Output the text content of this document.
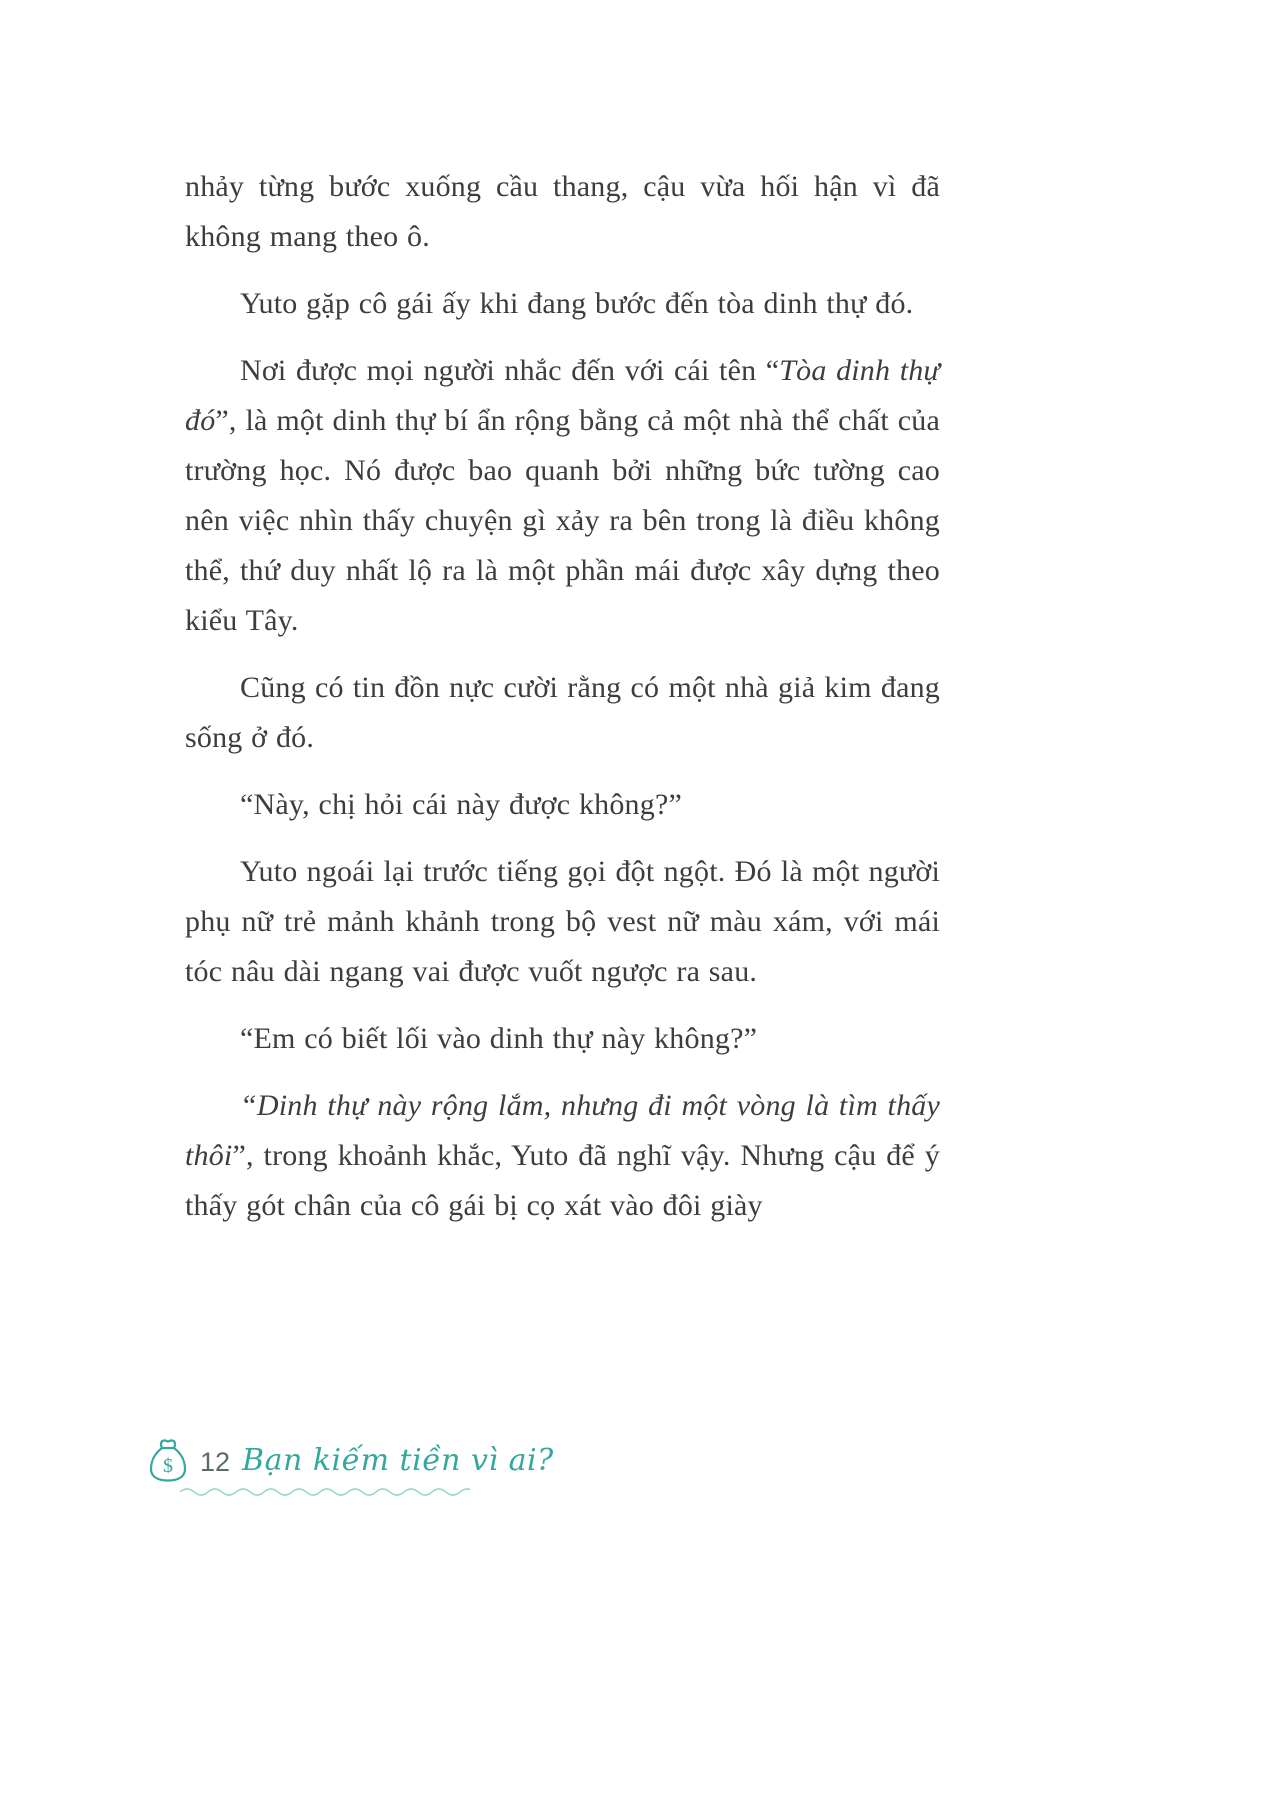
nhảy từng bước xuống cầu thang, cậu vừa hối hận vì đã không mang theo ô.

Yuto gặp cô gái ấy khi đang bước đến tòa dinh thự đó.

Nơi được mọi người nhắc đến với cái tên “Tòa dinh thự đó”, là một dinh thự bí ẩn rộng bằng cả một nhà thể chất của trường học. Nó được bao quanh bởi những bức tường cao nên việc nhìn thấy chuyện gì xảy ra bên trong là điều không thể, thứ duy nhất lộ ra là một phần mái được xây dựng theo kiểu Tây.

Cũng có tin đồn nực cười rằng có một nhà giả kim đang sống ở đó.

“Này, chị hỏi cái này được không?”

Yuto ngoái lại trước tiếng gọi đột ngột. Đó là một người phụ nữ trẻ mảnh khảnh trong bộ vest nữ màu xám, với mái tóc nâu dài ngang vai được vuốt ngược ra sau.

“Em có biết lối vào dinh thự này không?”

“Dinh thự này rộng lắm, nhưng đi một vòng là tìm thấy thôi”, trong khoảnh khắc, Yuto đã nghĩ vậy. Nhưng cậu để ý thấy gót chân của cô gái bị cọ xát vào đôi giày

$ 12 Bạn kiếm tiền vì ai?
